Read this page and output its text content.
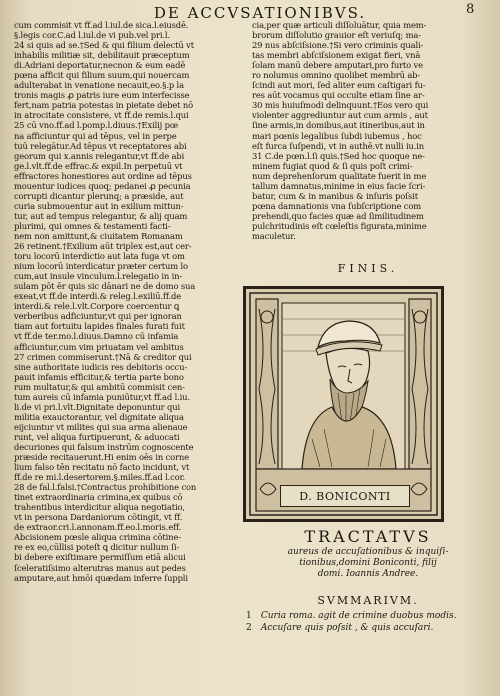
DE ACCVSATIONIBVS.	8
cum commisit vt ff.ad l.iul.de sica.l.eiusdē.
§.legis cor.C.ad l.iul.de vi pub.vel pri.l.
24 si quis ad se.†Sed & qui filium delectū vt
inhabilis militiæ sit, debilitauit præceptum
di.Adriani deportatur,necnon & eum eadē
pœna afficit qui filium suum,qui nouercam
adulterabat in venatione necauit,eo.§.p la
tronis magis ꝓ patris iure eum interfecisse
fert,nam patria potestas in pietate debet nō
in atrocitate consistere, vt ff.de remis.l.qui
25 cū vno.ff.ad l.pomp.l.diuus.†Exilij pœ
na afficiuntur qui ad tēpus, vel in perpe
tuū relegātur.Ad tēpus vt receptatores abi
georum qui x.annis relegantur,vt ff.de abi
ge.l.vlt.ff.de effrac.& expil.In perpetuū vt
effractores honestiores aut ordine ad tēpus
mouentur iudices quoq; pedanei ꝓ pecunia
corrupti dicantur plerunq; a præside, aut
curia submouentur aut in exilium mittun-
tur, aut ad tempus relegantur, & alij quam
plurimi, qui omnes & testamenti facti-
nem non amittunt,& ciuitatem Romanam
26 retinent.†Exilium aūt triplex est,aut cer-
toru locorū interdictio aut lata fuga vt om
nium locorū interdicatur præter certum lo
cum,aut insule vinculum.l.relegatio in in-
sulam pōt ēr quis sic dānari ne de domo sua
exeat,vt ff.de interdi.& releg.l.exiliū.ff.de
interdi.& rele.l.vlt.Corpore coercentur ꝗ
verberibus adficiuntur,vt qui per ignoran
tiam aut fortuitu lapides finales furati fuit
vt ff.de ter.mo.l.diuus.Damno cū infamia
afficiuntur,cum vim priuatam vel ambitus
27 crimen commiserunt.†Nā & creditor qui
sine authoritate iudicis res debitoris occu-
pauit infamis efficitur,& tertia parte bono
rum multatur,& qui ambitū commisit cen-
tum aureis cū infamia puniūtur,vt ff.ad l.iu.
li.de vi pri.l.vlt.Dignitate deponuntur qui
militia exauctorantur, vel dignitate aliqua
eijciuntur vt milites qui sua arma alienaue
runt, vel aliqua furtipuerunt, & aduocati
decuriones qui falsum instrūm cognoscente
præside recitauerunt.Hi enim oēs in corne
lium falso tēn recitatu nō facto incidunt, vt
ff.de re mi.l.desertorem.§.miles.ff.ad l.cor.
28 de fal.l.falsi.†Contractus prohibitione con
tinet extraordinaria crimina,ex quibus cō
trahentibus interdicitur aliqua negotiatio,
vt in persona Dardaniorum cōtingit, vt ff.
de extraor.cri.l.annonam.ff.eo.l.moris.eff.
Abcisionem pœsle aliqua crimina cōtine-
re ex eo,cūllisi poteſt ꝗ dicitur nullum ſi-
bi debere exiſtimare permiſſum etiā alicui
ſceleratiſsimo alterutras manus aut pedes
amputare,aut hmōi quædam inferre ſuppli
cia,per quæ articuli diſſoluātur, quia mem-
brorum diſſolutio grauior eſt veriuſq; ma-
29 nus abſciſsione.†Si vero criminis quali-
tas membri abſciſsionem exigat fieri, vnā
ſolam manū debere amputari,pro furto ve
ro nolumus omnino quolibet membrū ab-
ſcindi aut mori, ſed aliter eum caſtigari fu-
res aūt vocamus qui occulte etiam ſine ar-
30 mis huiuſmodi delinquunt.†Eos vero qui
violenter aggrediuntur aut cum armis , aut
ſine armis,in domibus,aut itineribus,aut in
mari pœnis legalibus ſubdi iubemus , hoc
eſt furca ſuſpendi, vt in authē.vt nulli iu.in
31 C.de pœn.l.ſi quis.†Sed hoc quoque ne-
minem fugiat quod & ſi quis poſt crimi-
num deprehenſorum qualitate fuerit in me
tallum damnatus,minime in eius facie ſcri-
batur, cum & in manibus & inſuris poſsit
pœna damnationis vna ſubſcriptione com
prehendi,quo facies quæ ad ſimilitudinem
pulchritudinis eſt cœleſtis figurata,minime
maculetur.
FINIS.
D. BONICONTI
TRACTATVS
aureus de accuſationibus & inquiſi-
tionibus,domini Boniconti, filij
domi. Ioannis Andree.
SVMMARIVM.
1 Curia roma. agit de crimine duobus modis.
2 Accuſare quis poſsit , & quis accuſari.
